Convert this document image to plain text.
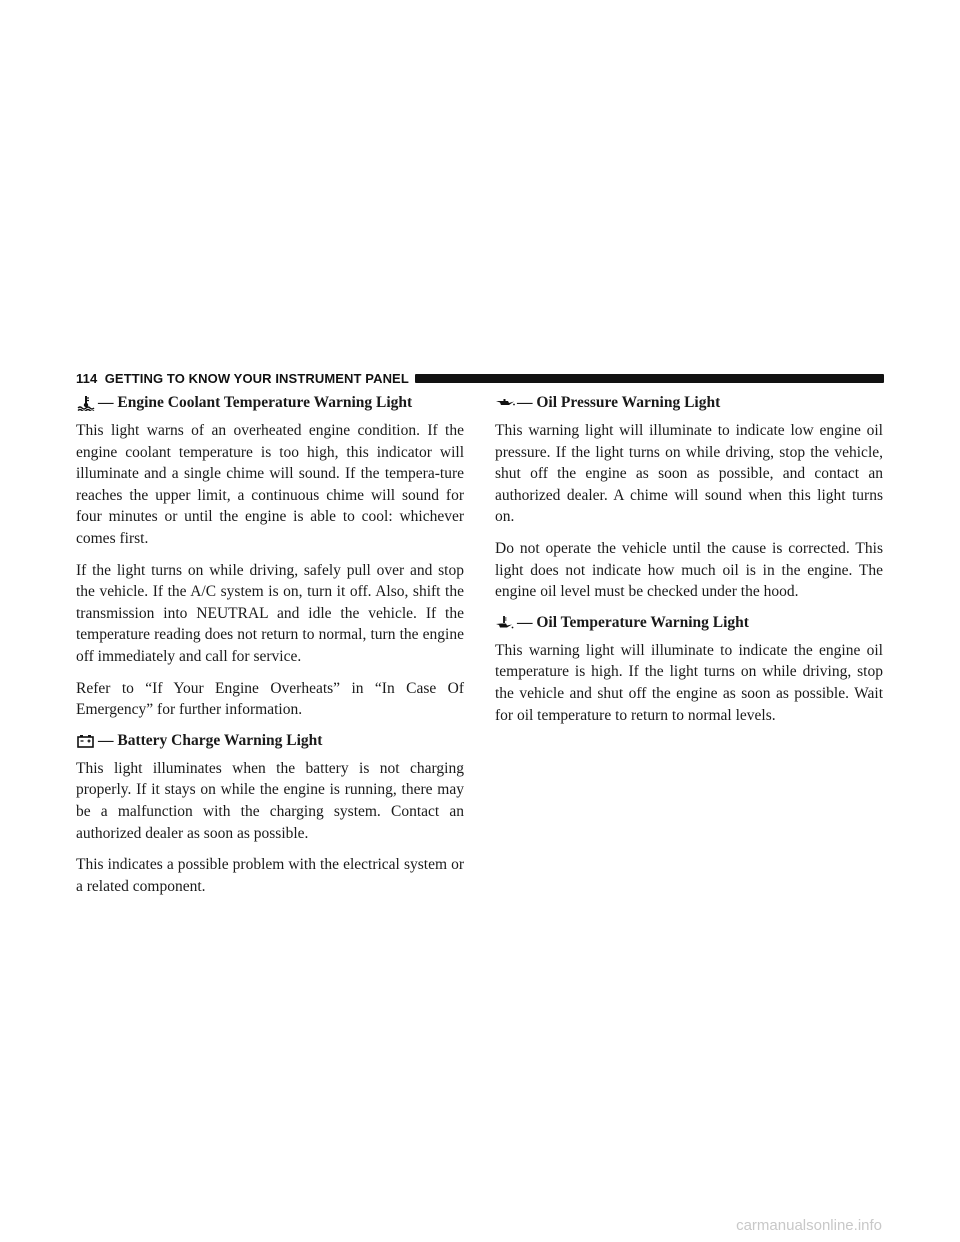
114 GETTING TO KNOW YOUR INSTRUMENT PANEL
— Engine Coolant Temperature Warning Light

This light warns of an overheated engine condition. If the engine coolant temperature is too high, this indicator will illuminate and a single chime will sound. If the tempera-ture reaches the upper limit, a continuous chime will sound for four minutes or until the engine is able to cool: whichever comes first.

If the light turns on while driving, safely pull over and stop the vehicle. If the A/C system is on, turn it off. Also, shift the transmission into NEUTRAL and idle the vehicle. If the temperature reading does not return to normal, turn the engine off immediately and call for service.

Refer to “If Your Engine Overheats” in “In Case Of Emergency” for further information.

— Battery Charge Warning Light

This light illuminates when the battery is not charging properly. If it stays on while the engine is running, there may be a malfunction with the charging system. Contact an authorized dealer as soon as possible.

This indicates a possible problem with the electrical system or a related component.

— Oil Pressure Warning Light

This warning light will illuminate to indicate low engine oil pressure. If the light turns on while driving, stop the vehicle, shut off the engine as soon as possible, and contact an authorized dealer. A chime will sound when this light turns on.

Do not operate the vehicle until the cause is corrected. This light does not indicate how much oil is in the engine. The engine oil level must be checked under the hood.

— Oil Temperature Warning Light

This warning light will illuminate to indicate the engine oil temperature is high. If the light turns on while driving, stop the vehicle and shut off the engine as soon as possible. Wait for oil temperature to return to normal levels.

carmanualsonline.info
